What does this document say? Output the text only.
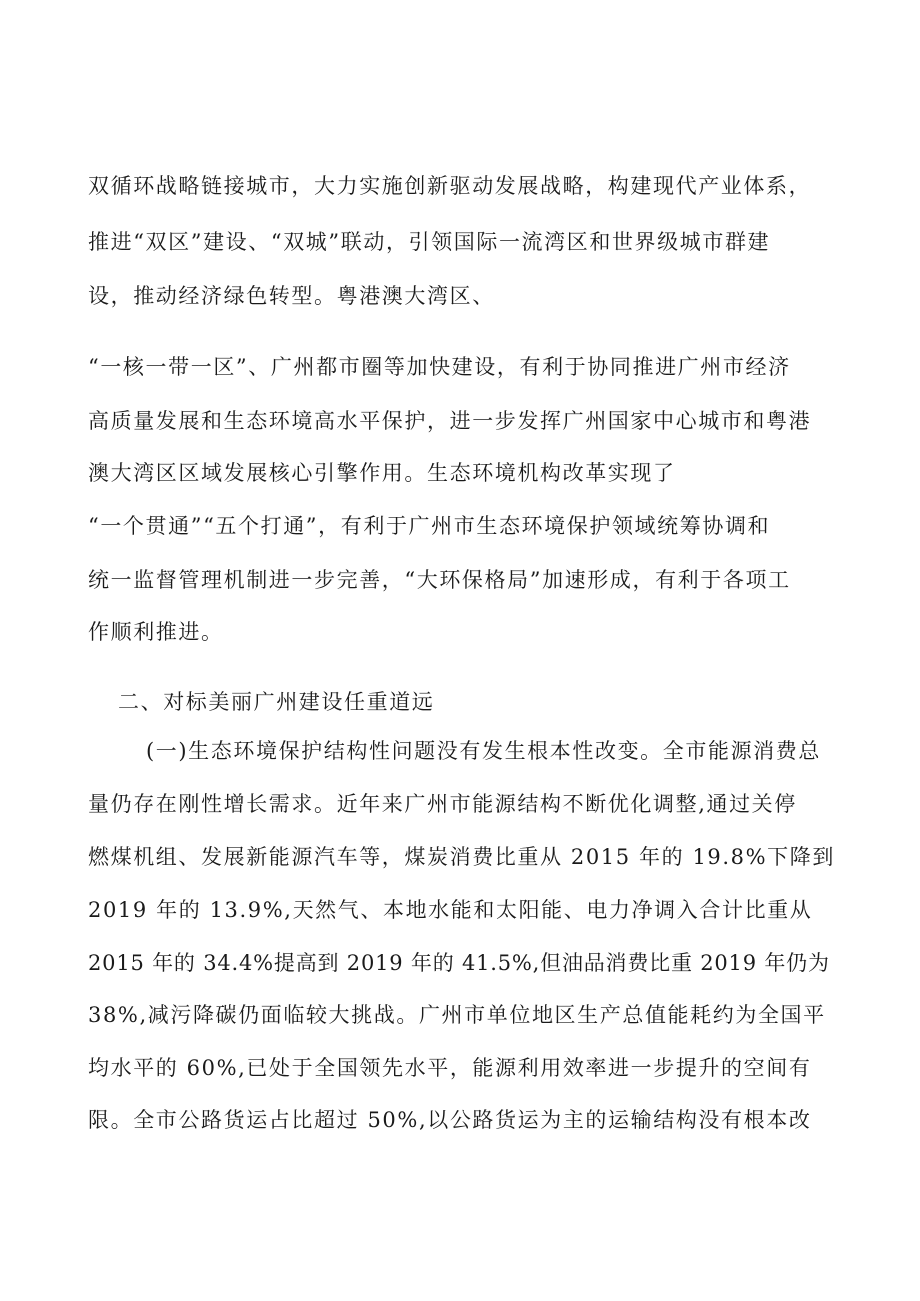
双循环战略链接城市，大力实施创新驱动发展战略，构建现代产业体系，
推进“双区”建设、“双城”联动，引领国际一流湾区和世界级城市群建
设，推动经济绿色转型。粤港澳大湾区、
“一核一带一区”、广州都市圈等加快建设，有利于协同推进广州市经济
高质量发展和生态环境高水平保护，进一步发挥广州国家中心城市和粤港
澳大湾区区域发展核心引擎作用。生态环境机构改革实现了
“一个贯通”“五个打通”，有利于广州市生态环境保护领域统筹协调和
统一监督管理机制进一步完善，“大环保格局”加速形成，有利于各项工
作顺利推进。
二、对标美丽广州建设任重道远
(一)生态环境保护结构性问题没有发生根本性改变。全市能源消费总
量仍存在刚性增长需求。近年来广州市能源结构不断优化调整,通过关停
燃煤机组、发展新能源汽车等，煤炭消费比重从 2015 年的 19.8%下降到
2019 年的 13.9%,天然气、本地水能和太阳能、电力净调入合计比重从
2015 年的 34.4%提高到 2019 年的 41.5%,但油品消费比重 2019 年仍为
38%,减污降碳仍面临较大挑战。广州市单位地区生产总值能耗约为全国平
均水平的 60%,已处于全国领先水平，能源利用效率进一步提升的空间有
限。全市公路货运占比超过 50%,以公路货运为主的运输结构没有根本改
